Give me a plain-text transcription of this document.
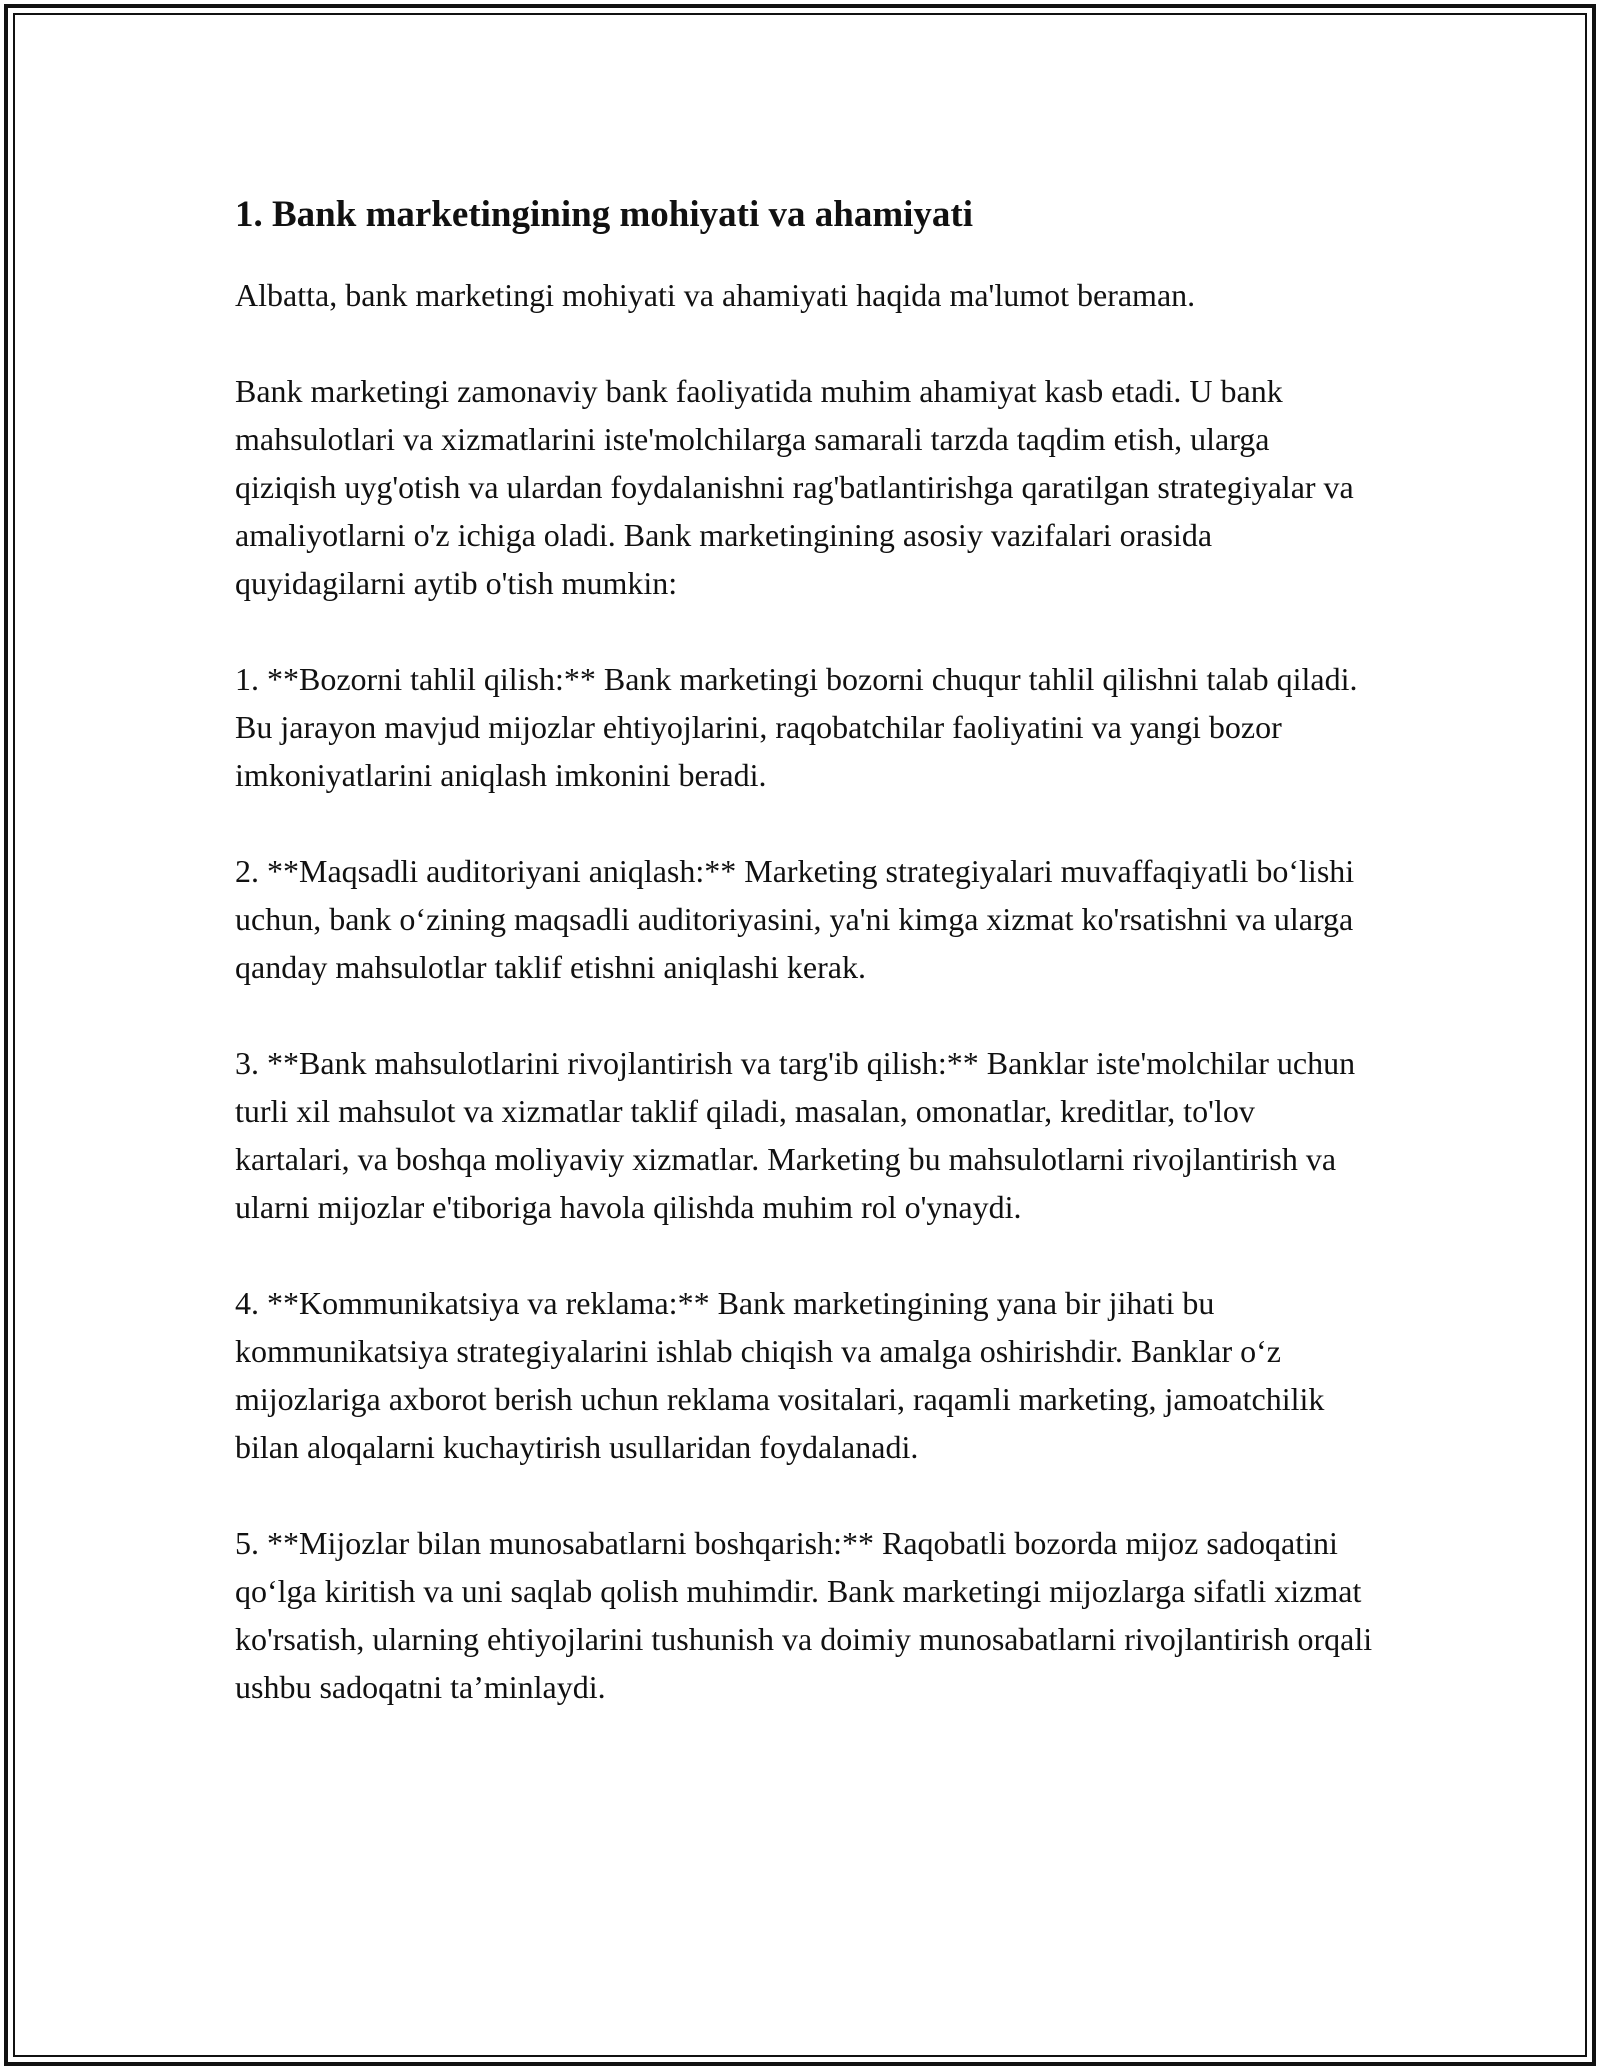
1. Bank marketingining mohiyati va ahamiyati

Albatta, bank marketingi mohiyati va ahamiyati haqida ma'lumot beraman.

Bank marketingi zamonaviy bank faoliyatida muhim ahamiyat kasb etadi. U bank mahsulotlari va xizmatlarini iste'molchilarga samarali tarzda taqdim etish, ularga qiziqish uyg'otish va ulardan foydalanishni rag'batlantirishga qaratilgan strategiyalar va amaliyotlarni o'z ichiga oladi. Bank marketingining asosiy vazifalari orasida quyidagilarni aytib o'tish mumkin:

1. **Bozorni tahlil qilish:** Bank marketingi bozorni chuqur tahlil qilishni talab qiladi. Bu jarayon mavjud mijozlar ehtiyojlarini, raqobatchilar faoliyatini va yangi bozor imkoniyatlarini aniqlash imkonini beradi.

2. **Maqsadli auditoriyani aniqlash:** Marketing strategiyalari muvaffaqiyatli bo‘lishi uchun, bank o‘zining maqsadli auditoriyasini, ya'ni kimga xizmat ko'rsatishni va ularga qanday mahsulotlar taklif etishni aniqlashi kerak.

3. **Bank mahsulotlarini rivojlantirish va targ'ib qilish:** Banklar iste'molchilar uchun turli xil mahsulot va xizmatlar taklif qiladi, masalan, omonatlar, kreditlar, to'lov kartalari, va boshqa moliyaviy xizmatlar. Marketing bu mahsulotlarni rivojlantirish va ularni mijozlar e'tiboriga havola qilishda muhim rol o'ynaydi.

4. **Kommunikatsiya va reklama:** Bank marketingining yana bir jihati bu kommunikatsiya strategiyalarini ishlab chiqish va amalga oshirishdir. Banklar o‘z mijozlariga axborot berish uchun reklama vositalari, raqamli marketing, jamoatchilik bilan aloqalarni kuchaytirish usullaridan foydalanadi.

5. **Mijozlar bilan munosabatlarni boshqarish:** Raqobatli bozorda mijoz sadoqatini qo‘lga kiritish va uni saqlab qolish muhimdir. Bank marketingi mijozlarga sifatli xizmat ko'rsatish, ularning ehtiyojlarini tushunish va doimiy munosabatlarni rivojlantirish orqali ushbu sadoqatni ta’minlaydi.
